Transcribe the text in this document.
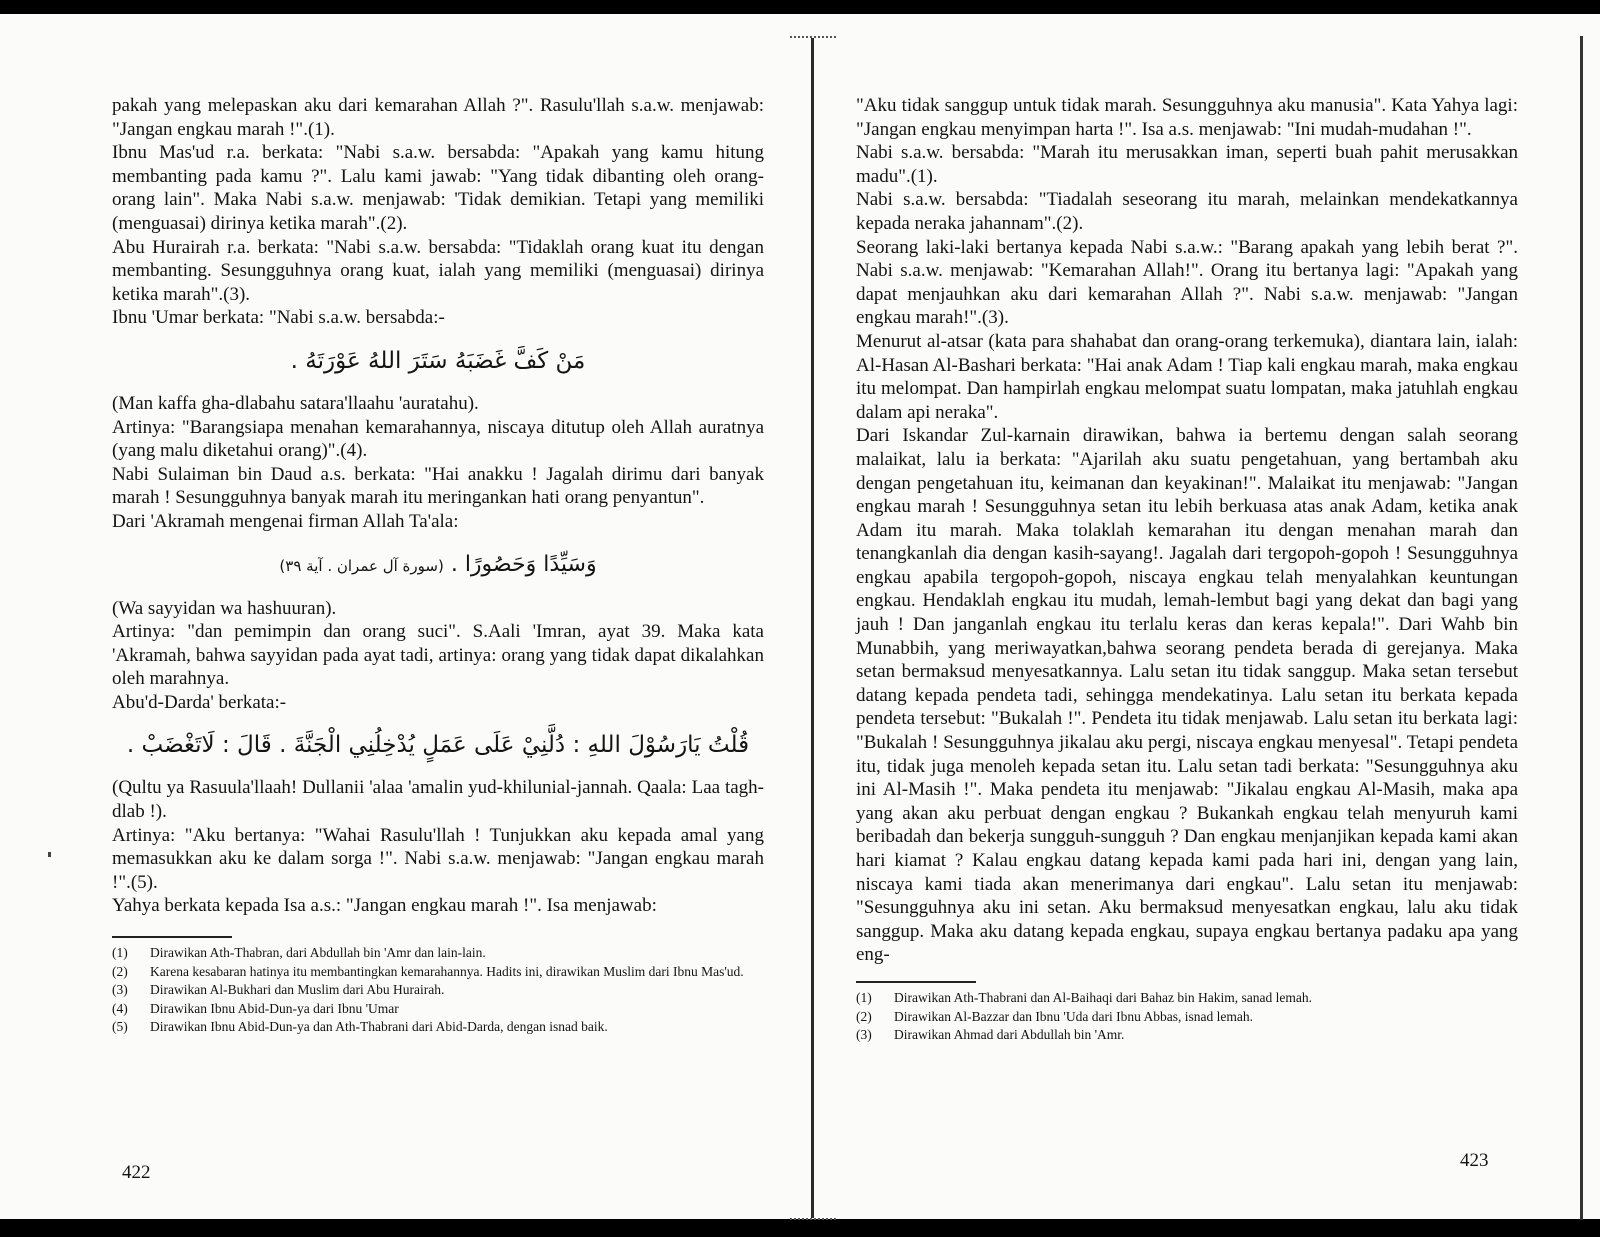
pakah yang melepaskan aku dari kemarahan Allah ?". Rasulu'llah s.a.w. menjawab: "Jangan engkau marah !".(1).

Ibnu Mas'ud r.a. berkata: "Nabi s.a.w. bersabda: "Apakah yang kamu hitung membanting pada kamu ?". Lalu kami jawab: "Yang tidak dibanting oleh orang-orang lain". Maka Nabi s.a.w. menjawab: 'Tidak demikian. Tetapi yang memiliki (menguasai) dirinya ketika marah".(2).

Abu Hurairah r.a. berkata: "Nabi s.a.w. bersabda: "Tidaklah orang kuat itu dengan membanting. Sesungguhnya orang kuat, ialah yang memiliki (menguasai) dirinya ketika marah".(3).

Ibnu 'Umar berkata: "Nabi s.a.w. bersabda:-

مَنْ كَفَّ غَضَبَهُ سَتَرَ اللهُ عَوْرَتَهُ .

(Man kaffa gha-dlabahu satara'llaahu 'auratahu).

Artinya: "Barangsiapa menahan kemarahannya, niscaya ditutup oleh Allah auratnya (yang malu diketahui orang)".(4).

Nabi Sulaiman bin Daud a.s. berkata: "Hai anakku ! Jagalah dirimu dari banyak marah ! Sesungguhnya banyak marah itu meringankan hati orang penyantun".

Dari 'Akramah mengenai firman Allah Ta'ala:

وَسَيِّدًا وَحَصُورًا . (سورة آل عمران . آية ٣٩)

(Wa sayyidan wa hashuuran).

Artinya: "dan pemimpin dan orang suci". S.Aali 'Imran, ayat 39. Maka kata 'Akramah, bahwa sayyidan pada ayat tadi, artinya: orang yang tidak dapat dikalahkan oleh marahnya.

Abu'd-Darda' berkata:-

قُلْتُ يَارَسُوْلَ اللهِ : دُلَّنِيْ عَلَى عَمَلٍ يُدْخِلُنِي الْجَنَّةَ . قَالَ : لَاتَغْضَبْ .

(Qultu ya Rasuula'llaah! Dullanii 'alaa 'amalin yud-khilunial-jannah. Qaala: Laa tagh-dlab !).

Artinya: "Aku bertanya: "Wahai Rasulu'llah ! Tunjukkan aku kepada amal yang memasukkan aku ke dalam sorga !". Nabi s.a.w. menjawab: "Jangan engkau marah !".(5).

Yahya berkata kepada Isa a.s.: "Jangan engkau marah !". Isa menjawab:

(1)	Dirawikan Ath-Thabran, dari Abdullah bin 'Amr dan lain-lain.
(2)	Karena kesabaran hatinya itu membantingkan kemarahannya. Hadits ini, dirawikan Muslim dari Ibnu Mas'ud.
(3)	Dirawikan Al-Bukhari dan Muslim dari Abu Hurairah.
(4)	Dirawikan Ibnu Abid-Dun-ya dari Ibnu 'Umar
(5)	Dirawikan Ibnu Abid-Dun-ya dan Ath-Thabrani dari Abid-Darda, dengan isnad baik.
422

"Aku tidak sanggup untuk tidak marah. Sesungguhnya aku manusia". Kata Yahya lagi: "Jangan engkau menyimpan harta !". Isa a.s. menjawab: "Ini mudah-mudahan !".

Nabi s.a.w. bersabda: "Marah itu merusakkan iman, seperti buah pahit merusakkan madu".(1).

Nabi s.a.w. bersabda: "Tiadalah seseorang itu marah, melainkan mendekatkannya kepada neraka jahannam".(2).

Seorang laki-laki bertanya kepada Nabi s.a.w.: "Barang apakah yang lebih berat ?". Nabi s.a.w. menjawab: "Kemarahan Allah!". Orang itu bertanya lagi: "Apakah yang dapat menjauhkan aku dari kemarahan Allah ?". Nabi s.a.w. menjawab: "Jangan engkau marah!".(3).

Menurut al-atsar (kata para shahabat dan orang-orang terkemuka), diantara lain, ialah: Al-Hasan Al-Bashari berkata: "Hai anak Adam ! Tiap kali engkau marah, maka engkau itu melompat. Dan hampirlah engkau melompat suatu lompatan, maka jatuhlah engkau dalam api neraka".

Dari Iskandar Zul-karnain dirawikan, bahwa ia bertemu dengan salah seorang malaikat, lalu ia berkata: "Ajarilah aku suatu pengetahuan, yang bertambah aku dengan pengetahuan itu, keimanan dan keyakinan!". Malaikat itu menjawab: "Jangan engkau marah ! Sesungguhnya setan itu lebih berkuasa atas anak Adam, ketika anak Adam itu marah. Maka tolaklah kemarahan itu dengan menahan marah dan tenangkanlah dia dengan kasih-sayang!. Jagalah dari tergopoh-gopoh ! Sesungguhnya engkau apabila tergopoh-gopoh, niscaya engkau telah menyalahkan keuntungan engkau. Hendaklah engkau itu mudah, lemah-lembut bagi yang dekat dan bagi yang jauh ! Dan janganlah engkau itu terlalu keras dan keras kepala!". Dari Wahb bin Munabbih, yang meriwayatkan,bahwa seorang pendeta berada di gerejanya. Maka setan bermaksud menyesatkannya. Lalu setan itu tidak sanggup. Maka setan tersebut datang kepada pendeta tadi, sehingga mendekatinya. Lalu setan itu berkata kepada pendeta tersebut: "Bukalah !". Pendeta itu tidak menjawab. Lalu setan itu berkata lagi: "Bukalah ! Sesungguhnya jikalau aku pergi, niscaya engkau menyesal". Tetapi pendeta itu, tidak juga menoleh kepada setan itu. Lalu setan tadi berkata: "Sesungguhnya aku ini Al-Masih !". Maka pendeta itu menjawab: "Jikalau engkau Al-Masih, maka apa yang akan aku perbuat dengan engkau ? Bukankah engkau telah menyuruh kami beribadah dan bekerja sungguh-sungguh ? Dan engkau menjanjikan kepada kami akan hari kiamat ? Kalau engkau datang kepada kami pada hari ini, dengan yang lain, niscaya kami tiada akan menerimanya dari engkau". Lalu setan itu menjawab: "Sesungguhnya aku ini setan. Aku bermaksud menyesatkan engkau, lalu aku tidak sanggup. Maka aku datang kepada engkau, supaya engkau bertanya padaku apa yang eng-

(1)	Dirawikan Ath-Thabrani dan Al-Baihaqi dari Bahaz bin Hakim, sanad lemah.
(2)	Dirawikan Al-Bazzar dan Ibnu 'Uda dari Ibnu Abbas, isnad lemah.
(3)	Dirawikan Ahmad dari Abdullah bin 'Amr.
423
